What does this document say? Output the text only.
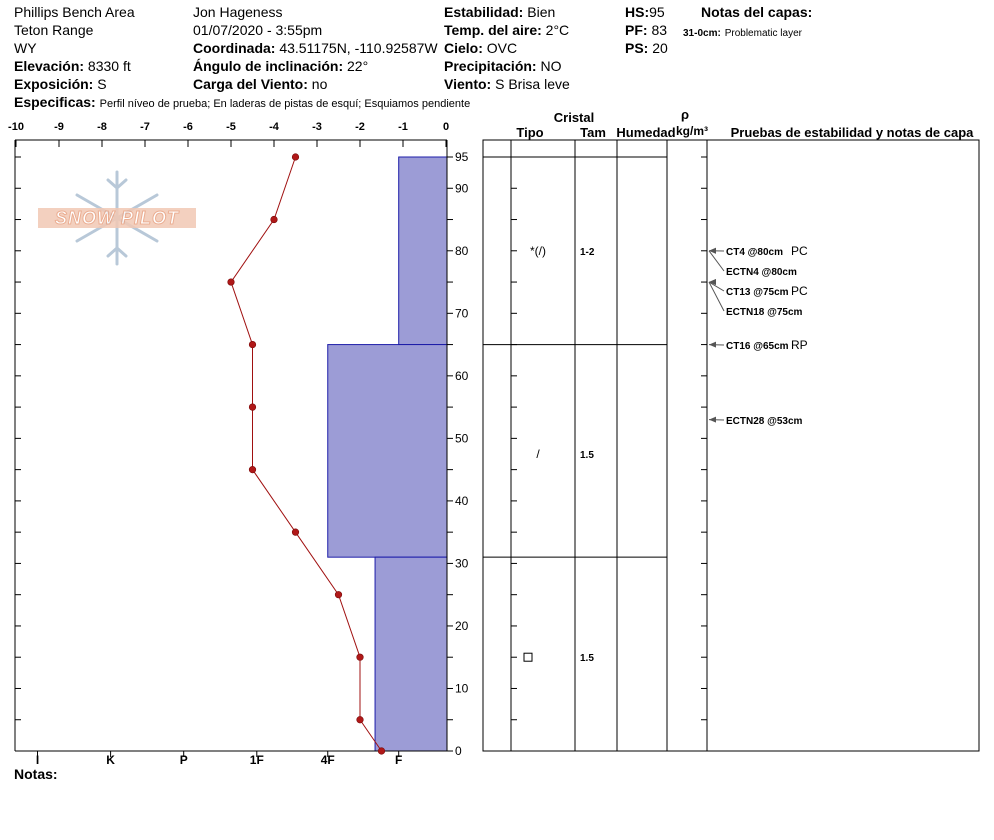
Phillips Bench Area
Teton Range
WY
Elevación: 8330 ft
Exposición: S
Especificas: Perfil níveo de prueba; En laderas de pistas de esquí; Esquiamos pendiente
Jon Hageness
01/07/2020 - 3:55pm
Coordinada: 43.51175N, -110.92587W
Ángulo de inclinación: 22°
Carga del Viento: no
Estabilidad: Bien
Temp. del aire: 2°C
Cielo: OVC
Precipitación: NO
Viento: S Brisa leve
HS:95
PF: 83
PS: 20
Notas del capas:
31-0cm: Problematic layer
Notas:
SNOW PILOT
-10	-9	-8	-7	-6	-5	-4	-3	-2	-1	0
0
10
20
30
40
50
60
70
80
90
95
I	K	P	1F	4F	F
Cristal
Tipo	Tam Humedad
ρ
kg/m³ Pruebas de estabilidad y notas de capa
*(/)	1-2
/	1.5
1.5
CT4 @80cm PC
ECTN4 @80cm
CT13 @75cm PC
ECTN18 @75cm
CT16 @65cm RP
ECTN28 @53cm
